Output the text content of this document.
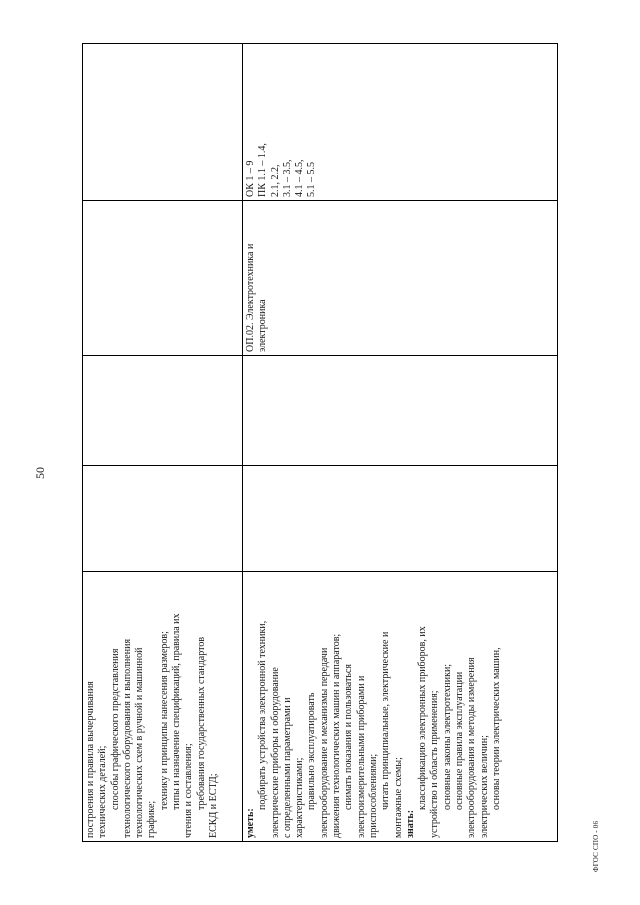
50
ФГОС СПО - 06
построения и правила вычерчивания технических деталей; способы графического представления технологического оборудования и выполнения технологических схем в ручной и машинной графике;
технику и принципы нанесения размеров; типы и назначение спецификаций, правила их чтения и составления; требования государственных стандартов ЕСКД и ЕСТД;	уметь:
подбирать устройства электронной техники, электрические приборы и оборудование с определенными параметрами и характеристиками; правильно эксплуатировать электрооборудование и механизмы передачи движения технологических машин и аппаратов; снимать показания и пользоваться электроизмерительными приборами и приспособлениями; читать принципиальные, электрические и монтажные схемы; знать:
классификацию электронных приборов, их устройство и область применения; основные законы электротехники; основные правила эксплуатации электрооборудования и методы измерения электрических величин; основы теории электрических машин,
ОП.02. Электротехника и электроника
ОК 1 – 9 ПК 1.1 – 1.4, 2.1, 2.2, 3.1 – 3.5, 4.1 – 4.5, 5.1 – 5.5
